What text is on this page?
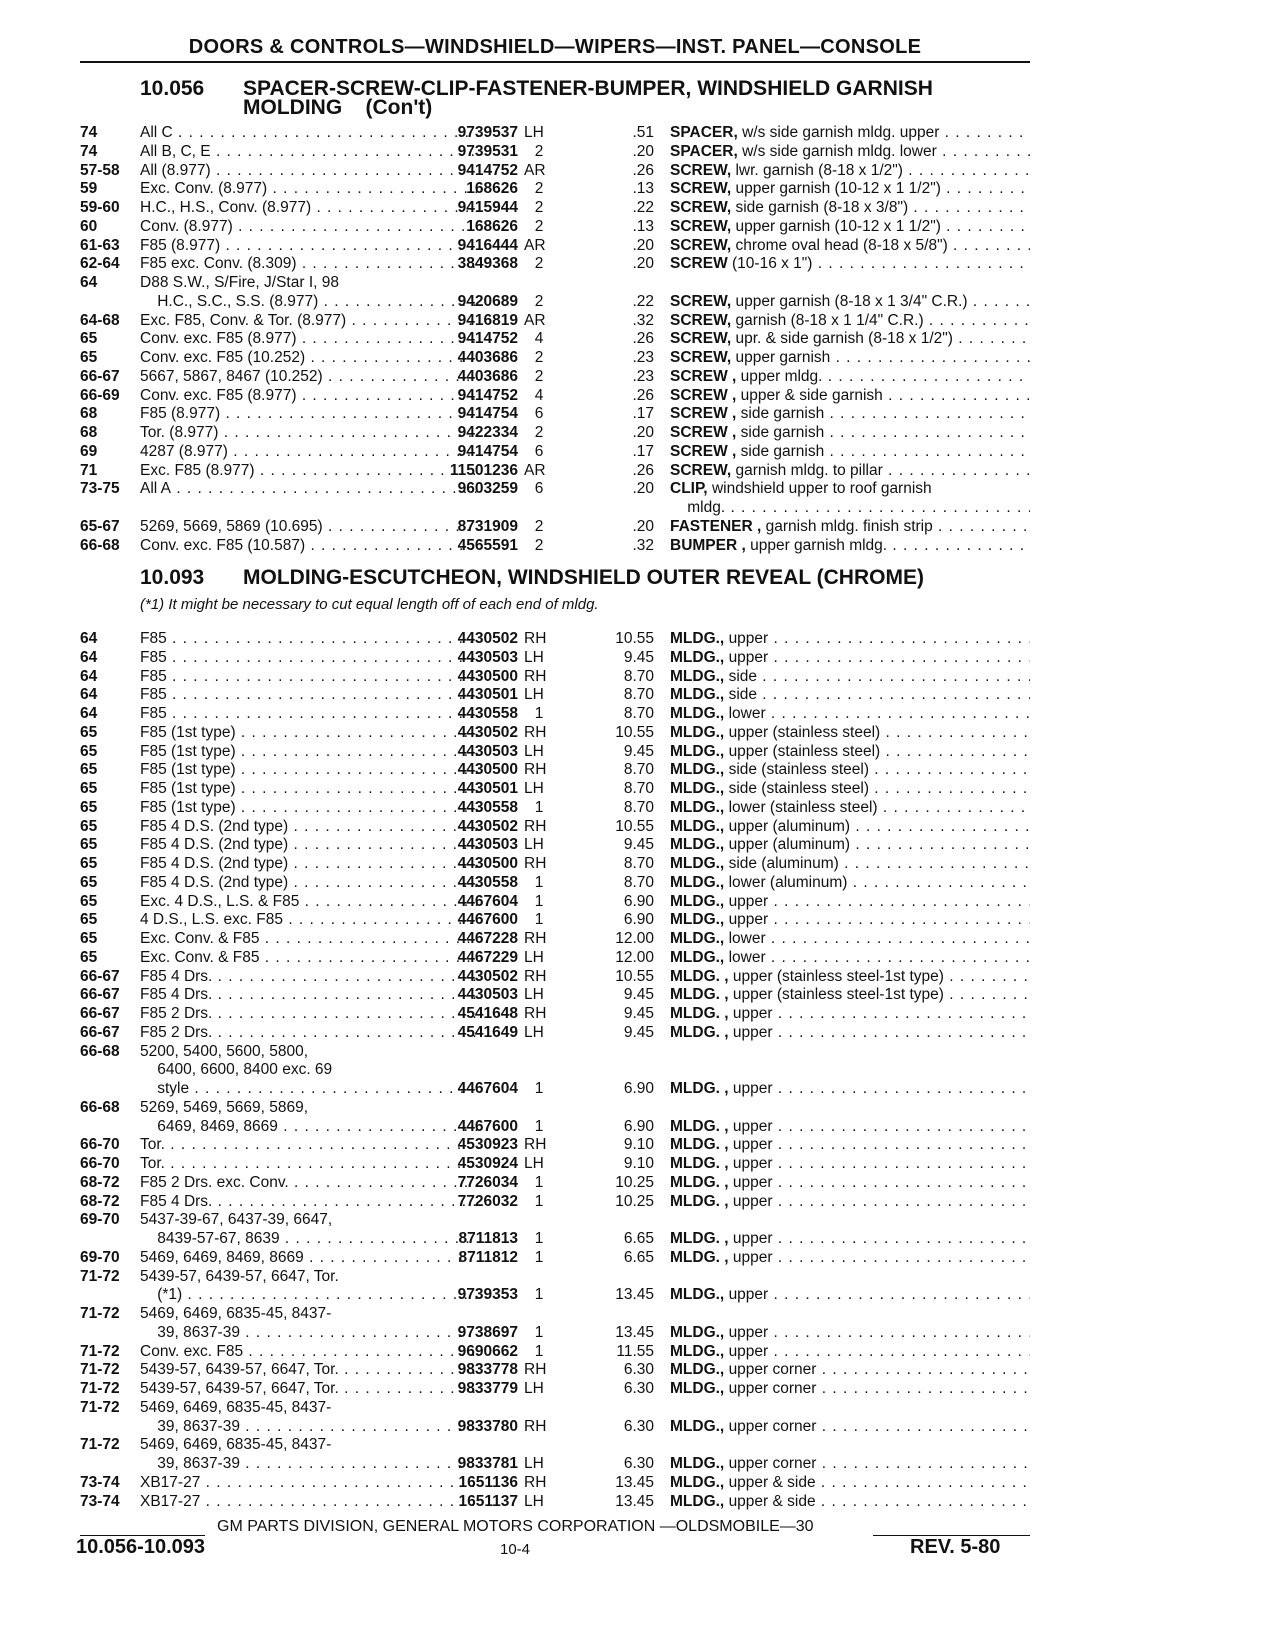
DOORS & CONTROLS—WINDSHIELD—WIPERS—INST. PANEL—CONSOLE
10.056 SPACER-SCREW-CLIP-FASTENER-BUMPER, WINDSHIELD GARNISH
MOLDING (Con't)
74	All C . . .	9739537 LH	.51 SPACER, w/s side garnish mldg. upper . . .
74	All B, C, E . . .	9739531	2	.20 SPACER, w/s side garnish mldg. lower . . .
57-58	All (8.977) . . .	9414752 AR	.26 SCREW, lwr. garnish (8-18 x 1/2") . . .
59	Exc. Conv. (8.977) . . .	168626	2	.13 SCREW, upper garnish (10-12 x 1 1/2") . . .
59-60	H.C., H.S., Conv. (8.977) . . .	9415944	2	.22 SCREW, side garnish (8-18 x 3/8") . . .
60	Conv. (8.977) . . .	168626	2	.13 SCREW, upper garnish (10-12 x 1 1/2") . . .
61-63	F85 (8.977) . . .	9416444 AR	.20 SCREW, chrome oval head (8-18 x 5/8") . . .
62-64	F85 exc. Conv. (8.309) . . .	3849368	2	.20 SCREW (10-16 x 1") . . .
64	D88 S.W., S/Fire, J/Star I, 98
H.C., S.C., S.S. (8.977) . . .	9420689	2	.22 SCREW, upper garnish (8-18 x 1 3/4" C.R.) . . .
64-68	Exc. F85, Conv. & Tor. (8.977) . . .	9416819 AR	.32 SCREW, garnish (8-18 x 1 1/4" C.R.) . . .
65	Conv. exc. F85 (8.977) . . .	9414752	4	.26 SCREW, upr. & side garnish (8-18 x 1/2") . . .
65	Conv. exc. F85 (10.252) . . .	4403686	2	.23 SCREW, upper garnish . . .
66-67	5667, 5867, 8467 (10.252) . . .	4403686	2	.23 SCREW , upper mldg. . . .
66-69	Conv. exc. F85 (8.977) . . .	9414752	4	.26 SCREW , upper & side garnish . . .
68	F85 (8.977) . . .	9414754	6	.17 SCREW , side garnish . . .
68	Tor. (8.977) . . .	9422334	2	.20 SCREW , side garnish . . .
69	4287 (8.977) . . .	9414754	6	.17 SCREW , side garnish . . .
71	Exc. F85 (8.977) . . .	11501236 AR	.26 SCREW, garnish mldg. to pillar . . .
73-75	All A . . .	9603259	6	.20 CLIP, windshield upper to roof garnish
mldg. . . .
65-67	5269, 5669, 5869 (10.695) . . .	8731909	2	.20 FASTENER , garnish mldg. finish strip . . .
66-68	Conv. exc. F85 (10.587) . . .	4565591	2	.32 BUMPER , upper garnish mldg. . . .
10.093 MOLDING-ESCUTCHEON, WINDSHIELD OUTER REVEAL (CHROME)
(*1) It might be necessary to cut equal length off of each end of mldg.
64	F85 . . .	4430502 RH	10.55 MLDG., upper . . .
64	F85 . . .	4430503 LH	9.45 MLDG., upper . . .
64	F85 . . .	4430500 RH	8.70 MLDG., side . . .
64	F85 . . .	4430501 LH	8.70 MLDG., side . . .
64	F85 . . .	4430558	1	8.70 MLDG., lower . . .
65	F85 (1st type) . . .	4430502 RH	10.55 MLDG., upper (stainless steel) . . .
65	F85 (1st type) . . .	4430503 LH	9.45 MLDG., upper (stainless steel) . . .
65	F85 (1st type) . . .	4430500 RH	8.70 MLDG., side (stainless steel) . . .
65	F85 (1st type) . . .	4430501 LH	8.70 MLDG., side (stainless steel) . . .
65	F85 (1st type) . . .	4430558	1	8.70 MLDG., lower (stainless steel) . . .
65	F85 4 D.S. (2nd type) . . .	4430502 RH	10.55 MLDG., upper (aluminum) . . .
65	F85 4 D.S. (2nd type) . . .	4430503 LH	9.45 MLDG., upper (aluminum) . . .
65	F85 4 D.S. (2nd type) . . .	4430500 RH	8.70 MLDG., side (aluminum) . . .
65	F85 4 D.S. (2nd type) . . .	4430558	1	8.70 MLDG., lower (aluminum) . . .
65	Exc. 4 D.S., L.S. & F85 . . .	4467604	1	6.90 MLDG., upper . . .
65	4 D.S., L.S. exc. F85 . . .	4467600	1	6.90 MLDG., upper . . .
65	Exc. Conv. & F85 . . .	4467228 RH	12.00 MLDG., lower . . .
65	Exc. Conv. & F85 . . .	4467229 LH	12.00 MLDG., lower . . .
66-67	F85 4 Drs. . . .	4430502 RH	10.55 MLDG. , upper (stainless steel-1st type) . . .
66-67	F85 4 Drs. . . .	4430503 LH	9.45 MLDG. , upper (stainless steel-1st type) . . .
66-67	F85 2 Drs. . . .	4541648 RH	9.45 MLDG. , upper . . .
66-67	F85 2 Drs. . . .	4541649 LH	9.45 MLDG. , upper . . .
66-68	5200, 5400, 5600, 5800,
6400, 6600, 8400 exc. 69
style . . .	4467604	1	6.90 MLDG. , upper . . .
66-68	5269, 5469, 5669, 5869,
6469, 8469, 8669 . . .	4467600	1	6.90 MLDG. , upper . . .
66-70	Tor. . . .	4530923 RH	9.10 MLDG. , upper . . .
66-70	Tor. . . .	4530924 LH	9.10 MLDG. , upper . . .
68-72	F85 2 Drs. exc. Conv. . . .	7726034	1	10.25 MLDG. , upper . . .
68-72	F85 4 Drs. . . .	7726032	1	10.25 MLDG. , upper . . .
69-70	5437-39-67, 6437-39, 6647,
8439-57-67, 8639 . . .	8711813	1	6.65 MLDG. , upper . . .
69-70	5469, 6469, 8469, 8669 . . .	8711812	1	6.65 MLDG. , upper . . .
71-72	5439-57, 6439-57, 6647, Tor.
(*1) . . .	9739353	1	13.45 MLDG., upper . . .
71-72	5469, 6469, 6835-45, 8437-
39, 8637-39 . . .	9738697	1	13.45 MLDG., upper . . .
71-72	Conv. exc. F85 . . .	9690662	1	11.55 MLDG., upper . . .
71-72	5439-57, 6439-57, 6647, Tor. . . .	9833778 RH	6.30 MLDG., upper corner . . .
71-72	5439-57, 6439-57, 6647, Tor. . . .	9833779 LH	6.30 MLDG., upper corner . . .
71-72	5469, 6469, 6835-45, 8437-
39, 8637-39 . . .	9833780 RH	6.30 MLDG., upper corner . . .
71-72	5469, 6469, 6835-45, 8437-
39, 8637-39 . . .	9833781 LH	6.30 MLDG., upper corner . . .
73-74	XB17-27 . . .	1651136 RH	13.45 MLDG., upper & side . . .
73-74	XB17-27 . . .	1651137 LH	13.45 MLDG., upper & side . . .
GM PARTS DIVISION, GENERAL MOTORS CORPORATION —OLDSMOBILE—30
10.056-10.093	10-4	REV. 5-80
